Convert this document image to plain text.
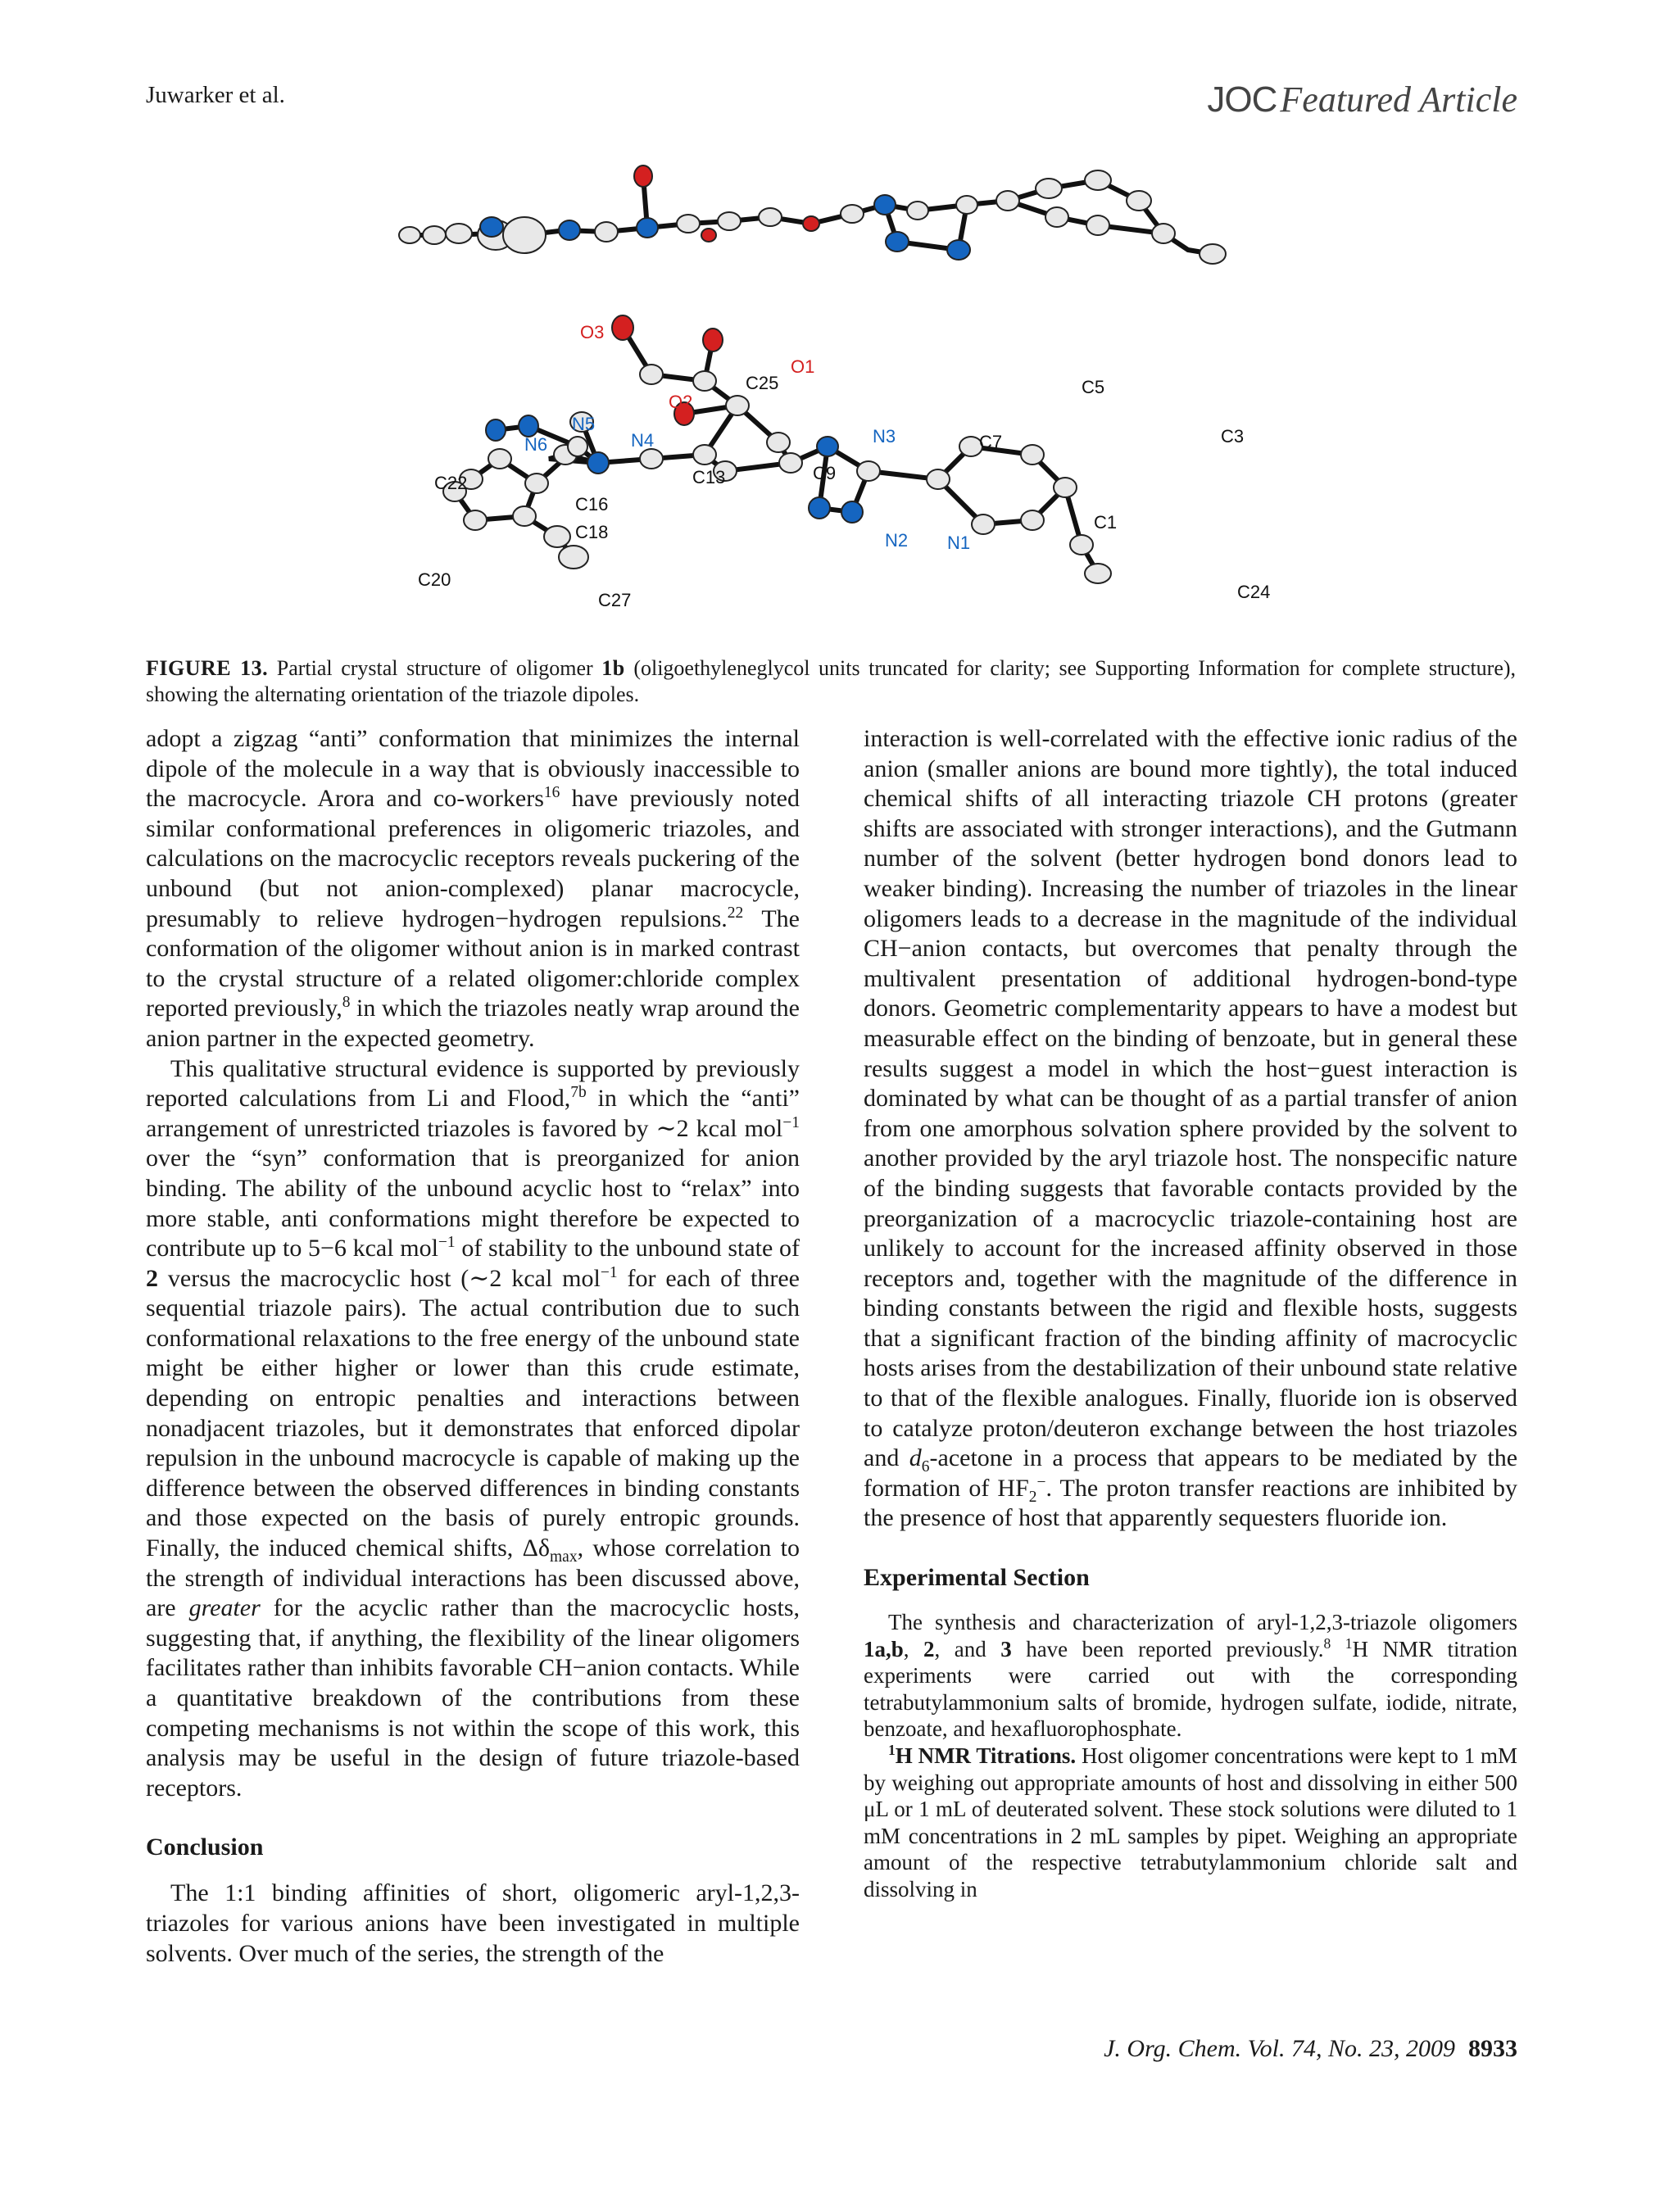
Juwarker et al.	JOCFeatured Article
O3
O1
O2
C25	C5
C3
N6
N5
N4	N3	C7
C22	C13	C9
C16
C18	N2 N1
C1
C20
C27	C24
FIGURE 13. Partial crystal structure of oligomer 1b (oligoethyleneglycol units truncated for clarity; see Supporting Information for complete structure), showing the alternating orientation of the triazole dipoles.

adopt a zigzag “anti” conformation that minimizes the internal dipole of the molecule in a way that is obviously inaccessible to the macrocycle. Arora and co-workers$^{16}$ have previously noted similar conformational preferences in oligomeric triazoles, and calculations on the macrocyclic receptors reveals puckering of the unbound (but not anion-complexed) planar macrocycle, presumably to relieve hydrogen−hydrogen repulsions.$^{22}$ The conformation of the oligomer without anion is in marked contrast to the crystal structure of a related oligomer:chloride complex reported previously,$^8$ in which the triazoles neatly wrap around the anion partner in the expected geometry.

This qualitative structural evidence is supported by previously reported calculations from Li and Flood,$^{7b}$ in which the “anti” arrangement of unrestricted triazoles is favored by ∼2 kcal mol$^{-1}$ over the “syn” conformation that is preorganized for anion binding. The ability of the unbound acyclic host to “relax” into more stable, anti conformations might therefore be expected to contribute up to 5−6 kcal mol$^{-1}$ of stability to the unbound state of 2 versus the macrocyclic host (∼2 kcal mol$^{-1}$ for each of three sequential triazole pairs). The actual contribution due to such conformational relaxations to the free energy of the unbound state might be either higher or lower than this crude estimate, depending on entropic penalties and interactions between nonadjacent triazoles, but it demonstrates that enforced dipolar repulsion in the unbound macrocycle is capable of making up the difference between the observed differences in binding constants and those expected on the basis of purely entropic grounds. Finally, the induced chemical shifts, $\Delta\delta_{max}$, whose correlation to the strength of individual interactions has been discussed above, are greater for the acyclic rather than the macrocyclic hosts, suggesting that, if anything, the flexibility of the linear oligomers facilitates rather than inhibits favorable CH−anion contacts. While a quantitative breakdown of the contributions from these competing mechanisms is not within the scope of this work, this analysis may be useful in the design of future triazole-based receptors.

Conclusion

The 1:1 binding affinities of short, oligomeric aryl-1,2,3-triazoles for various anions have been investigated in multiple solvents. Over much of the series, the strength of the

interaction is well-correlated with the effective ionic radius of the anion (smaller anions are bound more tightly), the total induced chemical shifts of all interacting triazole CH protons (greater shifts are associated with stronger interactions), and the Gutmann number of the solvent (better hydrogen bond donors lead to weaker binding). Increasing the number of triazoles in the linear oligomers leads to a decrease in the magnitude of the individual CH−anion contacts, but overcomes that penalty through the multivalent presentation of additional hydrogen-bond-type donors. Geometric complementarity appears to have a modest but measurable effect on the binding of benzoate, but in general these results suggest a model in which the host−guest interaction is dominated by what can be thought of as a partial transfer of anion from one amorphous solvation sphere provided by the solvent to another provided by the aryl triazole host. The nonspecific nature of the binding suggests that favorable contacts provided by the preorganization of a macrocyclic triazole-containing host are unlikely to account for the increased affinity observed in those receptors and, together with the magnitude of the difference in binding constants between the rigid and flexible hosts, suggests that a significant fraction of the binding affinity of macrocyclic hosts arises from the destabilization of their unbound state relative to that of the flexible analogues. Finally, fluoride ion is observed to catalyze proton/deuteron exchange between the host triazoles and $d_6$-acetone in a process that appears to be mediated by the formation of $HF_2^-$. The proton transfer reactions are inhibited by the presence of host that apparently sequesters fluoride ion.

Experimental Section

The synthesis and characterization of aryl-1,2,3-triazole oligomers 1a,b, 2, and 3 have been reported previously.$^8$ $^1$H NMR titration experiments were carried out with the corresponding tetrabutylammonium salts of bromide, hydrogen sulfate, iodide, nitrate, benzoate, and hexafluorophosphate.

$^1$H NMR Titrations. Host oligomer concentrations were kept to 1 mM by weighing out appropriate amounts of host and dissolving in either 500 μL or 1 mL of deuterated solvent. These stock solutions were diluted to 1 mM concentrations in 2 mL samples by pipet. Weighing an appropriate amount of the respective tetrabutylammonium chloride salt and dissolving in

J. Org. Chem. Vol. 74, No. 23, 2009 8933
